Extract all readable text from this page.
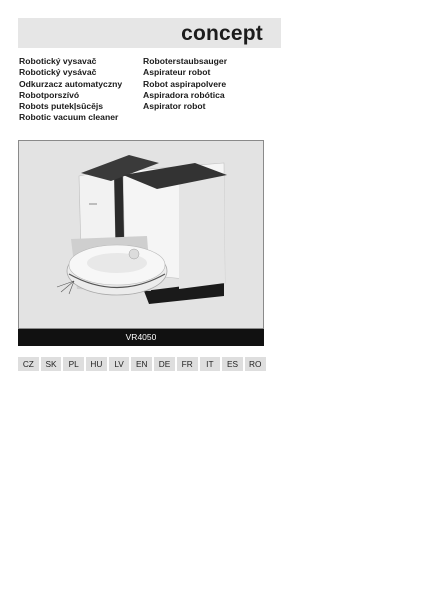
concept
Robotický vysavač
Robotický vysávač
Odkurzacz automatyczny
Robotporszívó
Robots putekļsūcējs
Robotic vacuum cleaner
Roboterstaubsauger
Aspirateur robot
Robot aspirapolvere
Aspiradora robótica
Aspirator robot
VR4050
CZ	SK	PL	HU	LV	EN	DE	FR	IT	ES	RO
